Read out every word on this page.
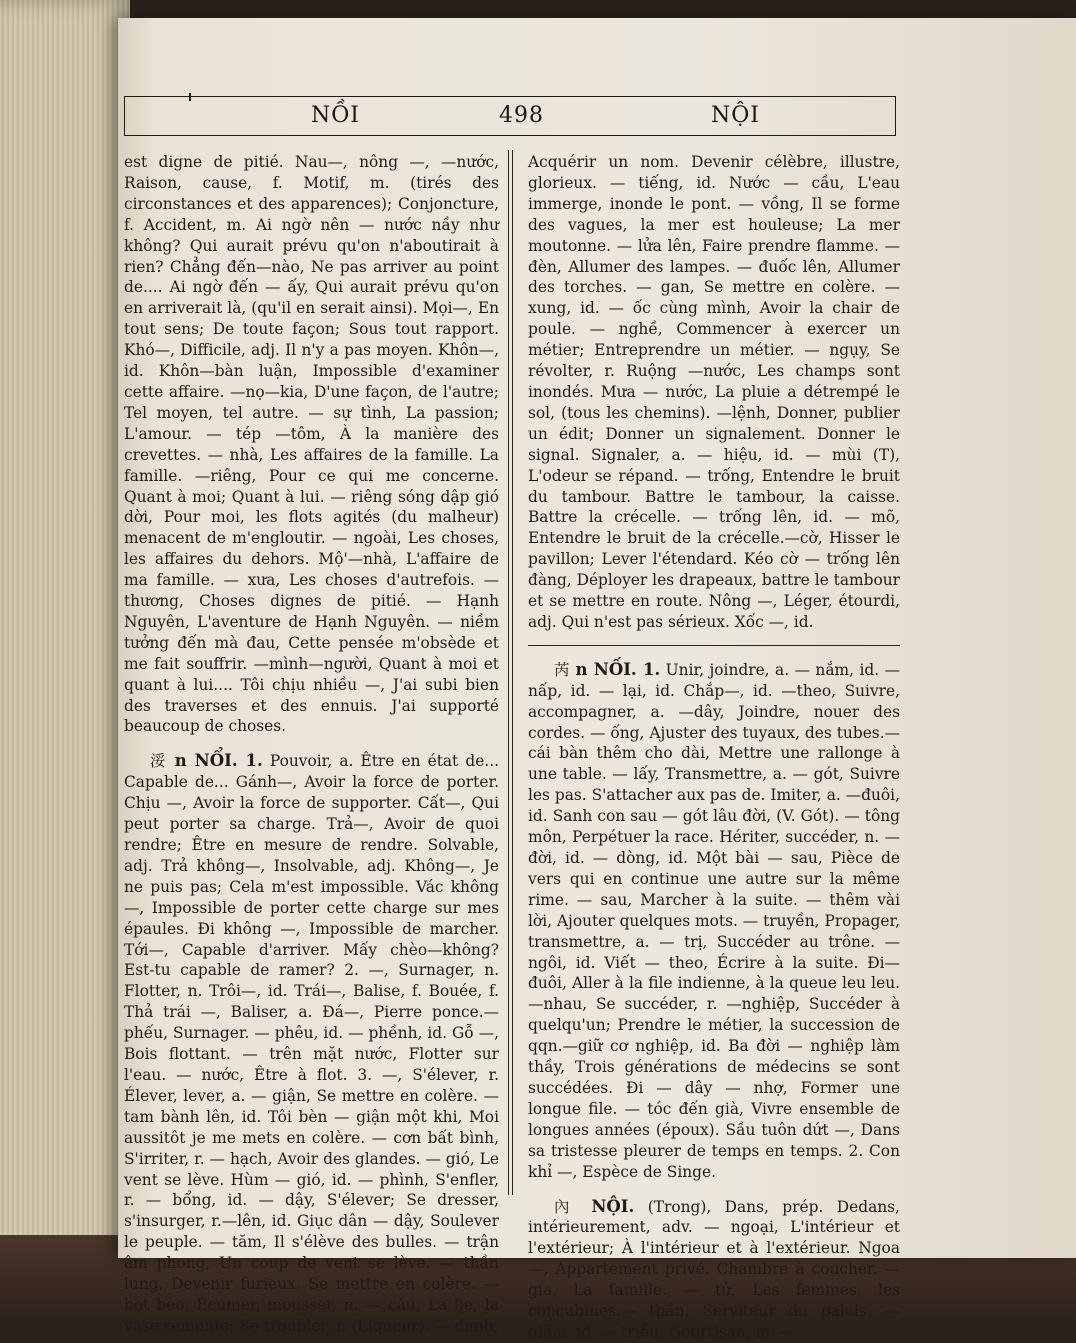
NỒI	498	NỘI

est digne de pitié. Nau—, nông —, —nước, Raison, cause, f. Motif, m. (tirés des circonstances et des apparences); Conjoncture, f. Accident, m. Ai ngờ nên — nước nầy như không? Qui aurait prévu qu'on n'aboutirait à rien? Chẳng đến—nào, Ne pas arriver au point de.... Ai ngờ đến — ấy, Qui aurait prévu qu'on en arriverait là, (qu'il en serait ainsi). Mọi—, En tout sens; De toute façon; Sous tout rapport. Khó—, Difficile, adj. Il n'y a pas moyen. Khôn—, id. Khôn—bàn luận, Impossible d'examiner cette affaire. —nọ—kia, D'une façon, de l'autre; Tel moyen, tel autre. — sự tình, La passion; L'amour. — tép —tôm, À la manière des crevettes. — nhà, Les affaires de la famille. La famille. —riêng, Pour ce qui me concerne. Quant à moi; Quant à lui. — riêng sóng dập gió dời, Pour moi, les flots agités (du malheur) menacent de m'engloutir. — ngoài, Les choses, les affaires du dehors. Mộ'—nhà, L'affaire de ma famille. — xưa, Les choses d'autrefois. — thương, Choses dignes de pitié. — Hạnh Nguyên, L'aventure de Hạnh Nguyên. — niềm tưởng đến mà đau, Cette pensée m'obsède et me fait souffrir. —mình—người, Quant à moi et quant à lui.... Tôi chịu nhiều —, J'ai subi bien des traverses et des ennuis. J'ai supporté beaucoup de choses.

浽 n NỔI. 1. Pouvoir, a. Être en état de... Capable de... Gánh—, Avoir la force de porter. Chịu —, Avoir la force de supporter. Cất—, Qui peut porter sa charge. Trả—, Avoir de quoi rendre; Être en mesure de rendre. Solvable, adj. Trả không—, Insolvable, adj. Không—, Je ne puis pas; Cela m'est impossible. Vác không —, Impossible de porter cette charge sur mes épaules. Đi không —, Impossible de marcher. Tới—, Capable d'arriver. Mấy chèo—không? Est-tu capable de ramer? 2. —, Surnager, n. Flotter, n. Trôi—, id. Trái—, Balise, f. Bouée, f. Thả trái —, Baliser, a. Đá—, Pierre ponce.—phếu, Surnager. — phêu, id. — phềnh, id. Gỗ —, Bois flottant. — trên mặt nước, Flotter sur l'eau. — nước, Être à flot. 3. —, S'élever, r. Élever, lever, a. — giận, Se mettre en colère. — tam bành lên, id. Tôi bèn — giận một khi, Moi aussitôt je me mets en colère. — cơn bất bình, S'irriter, r. — hạch, Avoir des glandes. — gió, Le vent se lève. Hùm — gió, id. — phình, S'enfler, r. — bổng, id. — dậy, S'élever; Se dresser, s'insurger, r.—lên, id. Giục dân — dậy, Soulever le peuple. — tăm, Il s'élève des bulles. — trận âm phong, Un coup de vent se lève. — thần lung, Devenir furieux. Se mettre en colère. — bọt bèo, Écumer, mousser, n. — cáu, La lie, la vase remonte; Se troubler, r. (Liqueur). — danh,

Acquérir un nom. Devenir célèbre, illustre, glorieux. — tiếng, id. Nước — cầu, L'eau immerge, inonde le pont. — vồng, Il se forme des vagues, la mer est houleuse; La mer moutonne. — lửa lên, Faire prendre flamme. — đèn, Allumer des lampes. — đuốc lên, Allumer des torches. — gan, Se mettre en colère. — xung, id. — ốc cùng mình, Avoir la chair de poule. — nghề, Commencer à exercer un métier; Entreprendre un métier. — ngụy, Se révolter, r. Ruộng —nước, Les champs sont inondés. Mưa — nước, La pluie a détrempé le sol, (tous les chemins). —lệnh, Donner, publier un édit; Donner un signalement. Donner le signal. Signaler, a. — hiệu, id. — mùi (T), L'odeur se répand. — trống, Entendre le bruit du tambour. Battre le tambour, la caisse. Battre la crécelle. — trống lên, id. — mõ, Entendre le bruit de la crécelle.—cờ, Hisser le pavillon; Lever l'étendard. Kéo cờ — trống lên đàng, Déployer les drapeaux, battre le tambour et se mettre en route. Nông —, Léger, étourdi, adj. Qui n'est pas sérieux. Xốc —, id.

芮 n NỐI. 1. Unir, joindre, a. — nắm, id. — nấp, id. — lại, id. Chắp—, id. —theo, Suivre, accompagner, a. —dây, Joindre, nouer des cordes. — ống, Ajuster des tuyaux, des tubes.—cái bàn thêm cho dài, Mettre une rallonge à une table. — lấy, Transmettre, a. — gót, Suivre les pas. S'attacher aux pas de. Imiter, a. —đuôi, id. Sanh con sau — gót lâu đời, (V. Gót). — tông môn, Perpétuer la race. Hériter, succéder, n. — đời, id. — dòng, id. Một bài — sau, Pièce de vers qui en continue une autre sur la même rime. — sau, Marcher à la suite. — thêm vài lời, Ajouter quelques mots. — truyền, Propager, transmettre, a. — trị, Succéder au trône. — ngôi, id. Viết — theo, Écrire à la suite. Đi—đuôi, Aller à la file indienne, à la queue leu leu.—nhau, Se succéder, r. —nghiệp, Succéder à quelqu'un; Prendre le métier, la succession de qqn.—giữ cơ nghiệp, id. Ba đời — nghiệp làm thầy, Trois générations de médecins se sont succédées. Đi — dây — nhợ, Former une longue file. — tóc đến già, Vivre ensemble de longues années (époux). Sầu tuôn dứt —, Dans sa tristesse pleurer de temps en temps. 2. Con khỉ —, Espèce de Singe.

內 NỘI. (Trong), Dans, prép. Dedans, intérieurement, adv. — ngoại, L'intérieur et l'extérieur; À l'intérieur et à l'extérieur. Ngoa—, Appartement privé. Chambre à coucher. — gia, La famille. — tử, Les femmes, les concubines.— thần, Serviteur du palais. — giám, id. — triều, Gourtisan, m. —
